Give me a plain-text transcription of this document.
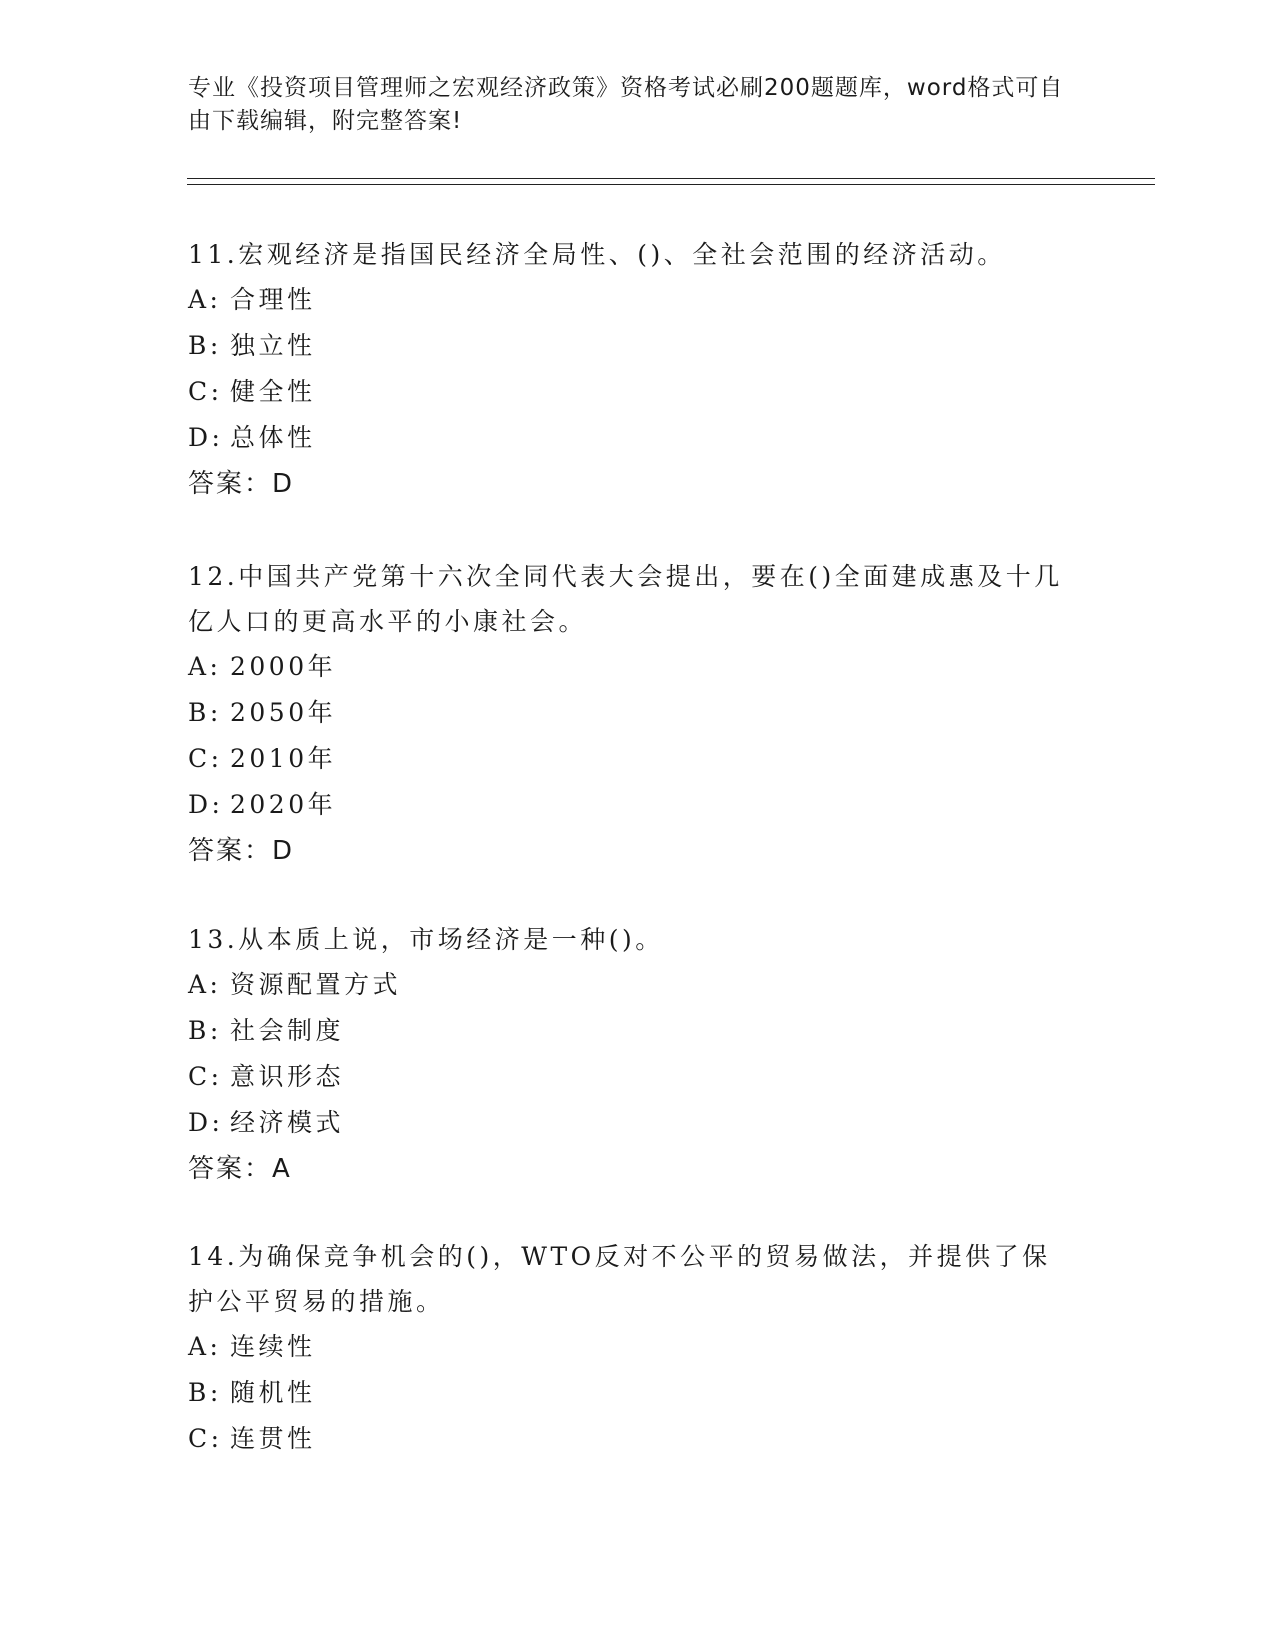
专业《投资项目管理师之宏观经济政策》资格考试必刷200题题库，word格式可自由下载编辑，附完整答案!

11.宏观经济是指国民经济全局性、()、全社会范围的经济活动。

A: 合理性

B: 独立性

C: 健全性

D: 总体性

答案：D

12.中国共产党第十六次全同代表大会提出，要在()全面建成惠及十几亿人口的更高水平的小康社会。

A: 2000年

B: 2050年

C: 2010年

D: 2020年

答案：D

13.从本质上说，市场经济是一种()。

A: 资源配置方式

B: 社会制度

C: 意识形态

D: 经济模式

答案：A

14.为确保竞争机会的()，WTO反对不公平的贸易做法，并提供了保护公平贸易的措施。

A: 连续性

B: 随机性

C: 连贯性
